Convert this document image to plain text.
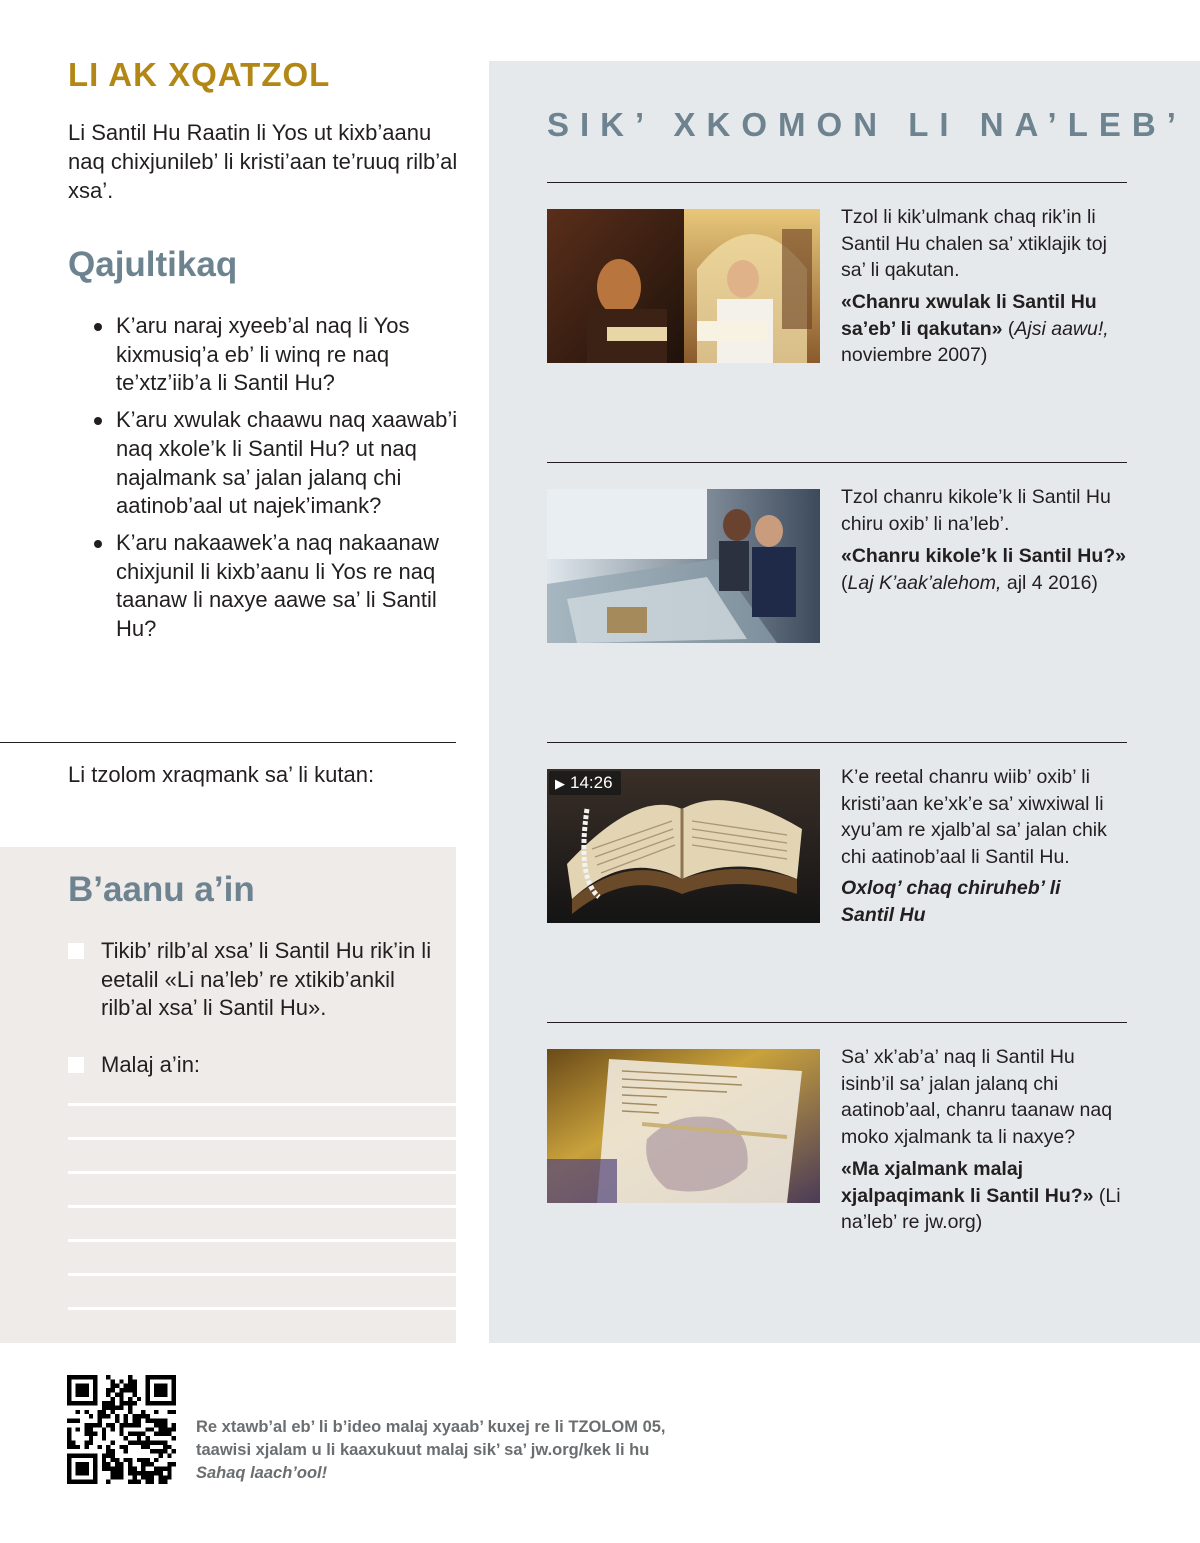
LI AK XQATZOL

Li Santil Hu Raatin li Yos ut kixb’aanu naq chixjunileb’ li kristi’aan te’ruuq rilb’al xsa’.

Qajultikaq
K’aru naraj xyeeb’al naq li Yos kixmusiq’a eb’ li winq re naq te’xtz’iib’a li Santil Hu?
K’aru xwulak chaawu naq xaawab’i naq xkole’k li Santil Hu? ut naq najalmank sa’ jalan jalanq chi aatinob’aal ut najek’imank?
K’aru nakaawek’a naq nakaanaw chixjunil li kixb’aanu li Yos re naq taanaw li naxye aawe sa’ li Santil Hu?

Li tzolom xraqmank sa’ li kutan:

B’aanu a’in
Tikib’ rilb’al xsa’ li Santil Hu rik’in li eetalil «Li na’leb’ re xtikib’ankil rilb’al xsa’ li Santil Hu».
Malaj a’in:
SIK’ XKOMON LI NA’LEB’

Tzol li kik’ulmank chaq rik’in li Santil Hu chalen sa’ xtiklajik toj sa’ li qakutan.

«Chanru xwulak li Santil Hu sa’eb’ li qakutan» (Ajsi aawu!, noviembre 2007)

Tzol chanru kikole’k li Santil Hu chiru oxib’ li na’leb’.

«Chanru kikole’k li Santil Hu?»
(Laj K’aak’alehom, ajl 4 2016)

▶ 14:26	K’e reetal chanru wiib’ oxib’ li kristi’aan ke’xk’e sa’ xiwxiwal li xyu’am re xjalb’al sa’ jalan chik chi aatinob’aal li Santil Hu.

Oxloq’ chaq chiruheb’ li Santil Hu

Sa’ xk’ab’a’ naq li Santil Hu isinb’il sa’ jalan jalanq chi aatinob’aal, chanru taanaw naq moko xjalmank ta li naxye?

«Ma xjalmank malaj xjalpaqimank li Santil Hu?» (Li na’leb’ re jw.org)

Re xtawb’al eb’ li b’ideo malaj xyaab’ kuxej re li TZOLOM 05,
taawisi xjalam u li kaaxukuut malaj sik’ sa’ jw.org/kek li hu
Sahaq laach’ool!
